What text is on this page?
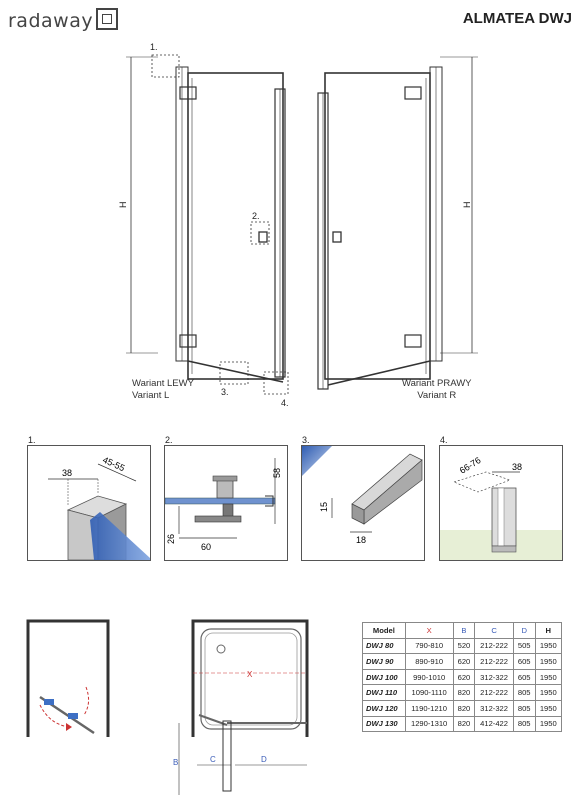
radaway	ALMATEA DWJ
H
1.
2.
3.
4.
H
Wariant LEWY
Variant L
Wariant PRAWY
Variant R
1.	2.	3.	4.
38	45-55	58
26
60
15
18
66-76	38
X
B	C	D
Model	X	B	C	D	H
DWJ 80	790-810	520	212-222	505	1950
DWJ 90	890-910	620	212-222	605	1950
DWJ 100	990-1010	620	312-322	605	1950
DWJ 110	1090-1110	820	212-222	805	1950
DWJ 120	1190-1210	820	312-322	805	1950
DWJ 130	1290-1310	820	412-422	805	1950
